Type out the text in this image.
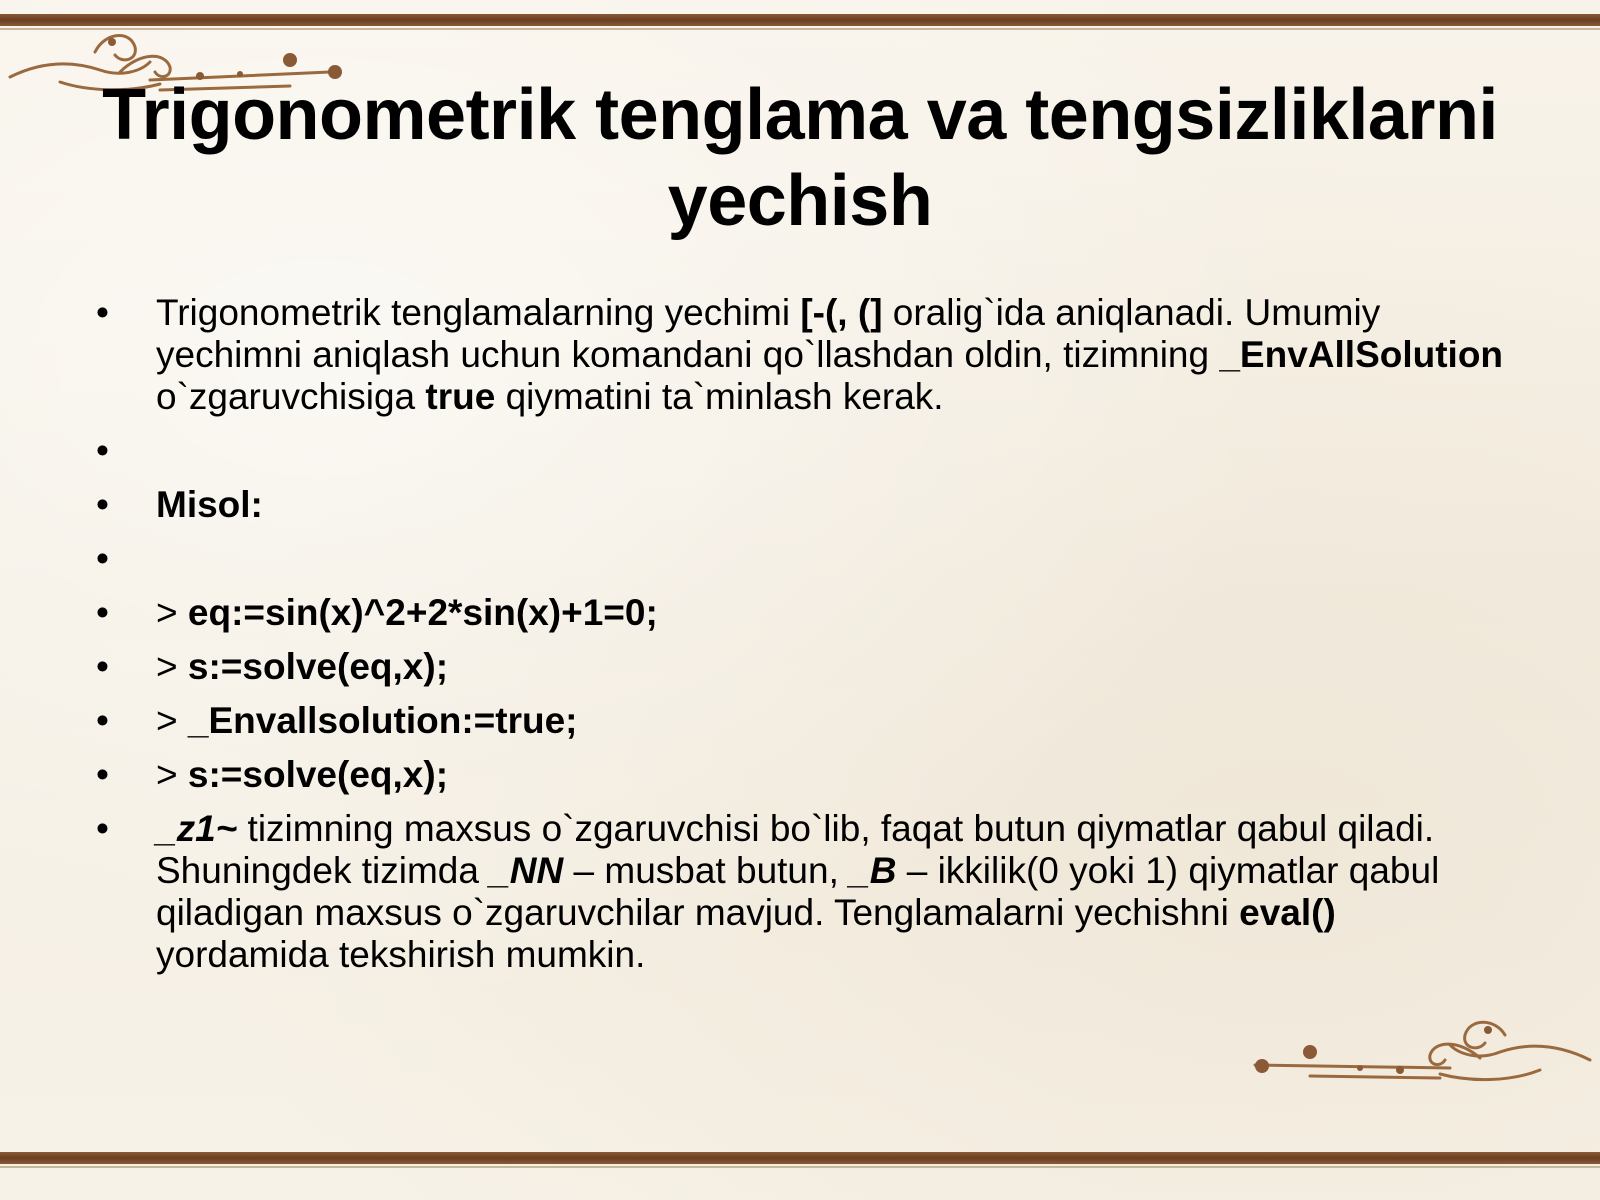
Trigonometrik tenglama va tengsizliklarni
yechish
• Trigonometrik tenglamalarning yechimi [-(, (] oralig`ida aniqlanadi. Umumiy yechimni aniqlash uchun komandani qo`llashdan oldin, tizimning _EnvAllSolution o`zgaruvchisiga true qiymatini ta`minlash kerak.
•
• Misol:
•
• > eq:=sin(x)^2+2*sin(x)+1=0;
• > s:=solve(eq,x);
• > _Envallsolution:=true;
• > s:=solve(eq,x);
• _z1~ tizimning maxsus o`zgaruvchisi bo`lib, faqat butun qiymatlar qabul qiladi. Shuningdek tizimda _NN – musbat butun, _B – ikkilik(0 yoki 1) qiymatlar qabul qiladigan maxsus o`zgaruvchilar mavjud. Tenglamalarni yechishni eval() yordamida tekshirish mumkin.
